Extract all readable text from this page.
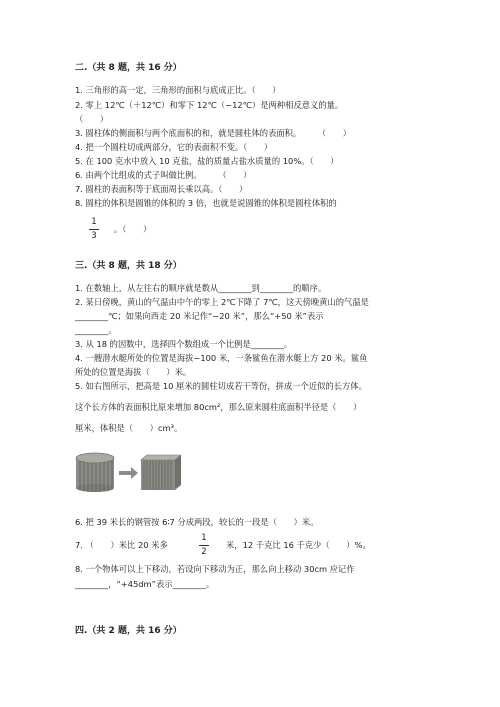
二.（共 8 题，共 16 分）
1. 三角形的高一定，三角形的面积与底成正比。（　　）
2. 零上 12℃（＋12℃）和零下 12℃（−12℃）是两种相反意义的量。
（　　）
3. 圆柱体的侧面积与两个底面积的和，就是圆柱体的表面积。　　　（　　）
4. 把一个圆柱切成两部分，它的表面积不变。（　　）
5. 在 100 克水中放入 10 克盐，盐的质量占盐水质量的 10%。（　　）
6. 由两个比组成的式子叫做比例。　　　（　　）
7. 圆柱的表面积等于底面周长乘以高。（　　）
8. 圆柱的体积是圆锥的体积的 3 倍，也就是说圆锥的体积是圆柱体积的
1
3
。（　　）
三.（共 8 题，共 18 分）
1. 在数轴上，从左往右的顺序就是数从________到________的顺序。
2. 某日傍晚，黄山的气温由中午的零上 2℃下降了 7℃，这天傍晚黄山的气温是
________℃；如果向西走 20 米记作“−20 米”，那么“+50 米”表示
________。
3. 从 18 的因数中，选择四个数组成一个比例是________。
4. 一艘潜水艇所处的位置是海拔−100 米，一条鲨鱼在潜水艇上方 20 米。鲨鱼
所处的位置是海拔（　　）米。
5. 如右图所示，把高是 10 厘米的圆柱切成若干等份，拼成一个近似的长方体。
这个长方体的表面积比原来增加 80cm²，那么原来圆柱底面积半径是（　　）
厘米，体积是（　　）cm³。
6. 把 39 米长的钢管按 6∶7 分成两段，较长的一段是（　　）米。
7. （　　）米比 20 米多
1
2
米，12 千克比 16 千克少（　　）%。
8. 一个物体可以上下移动，若设向下移动为正，那么向上移动 30cm 应记作
________，“+45dm”表示________。
四.（共 2 题，共 16 分）
